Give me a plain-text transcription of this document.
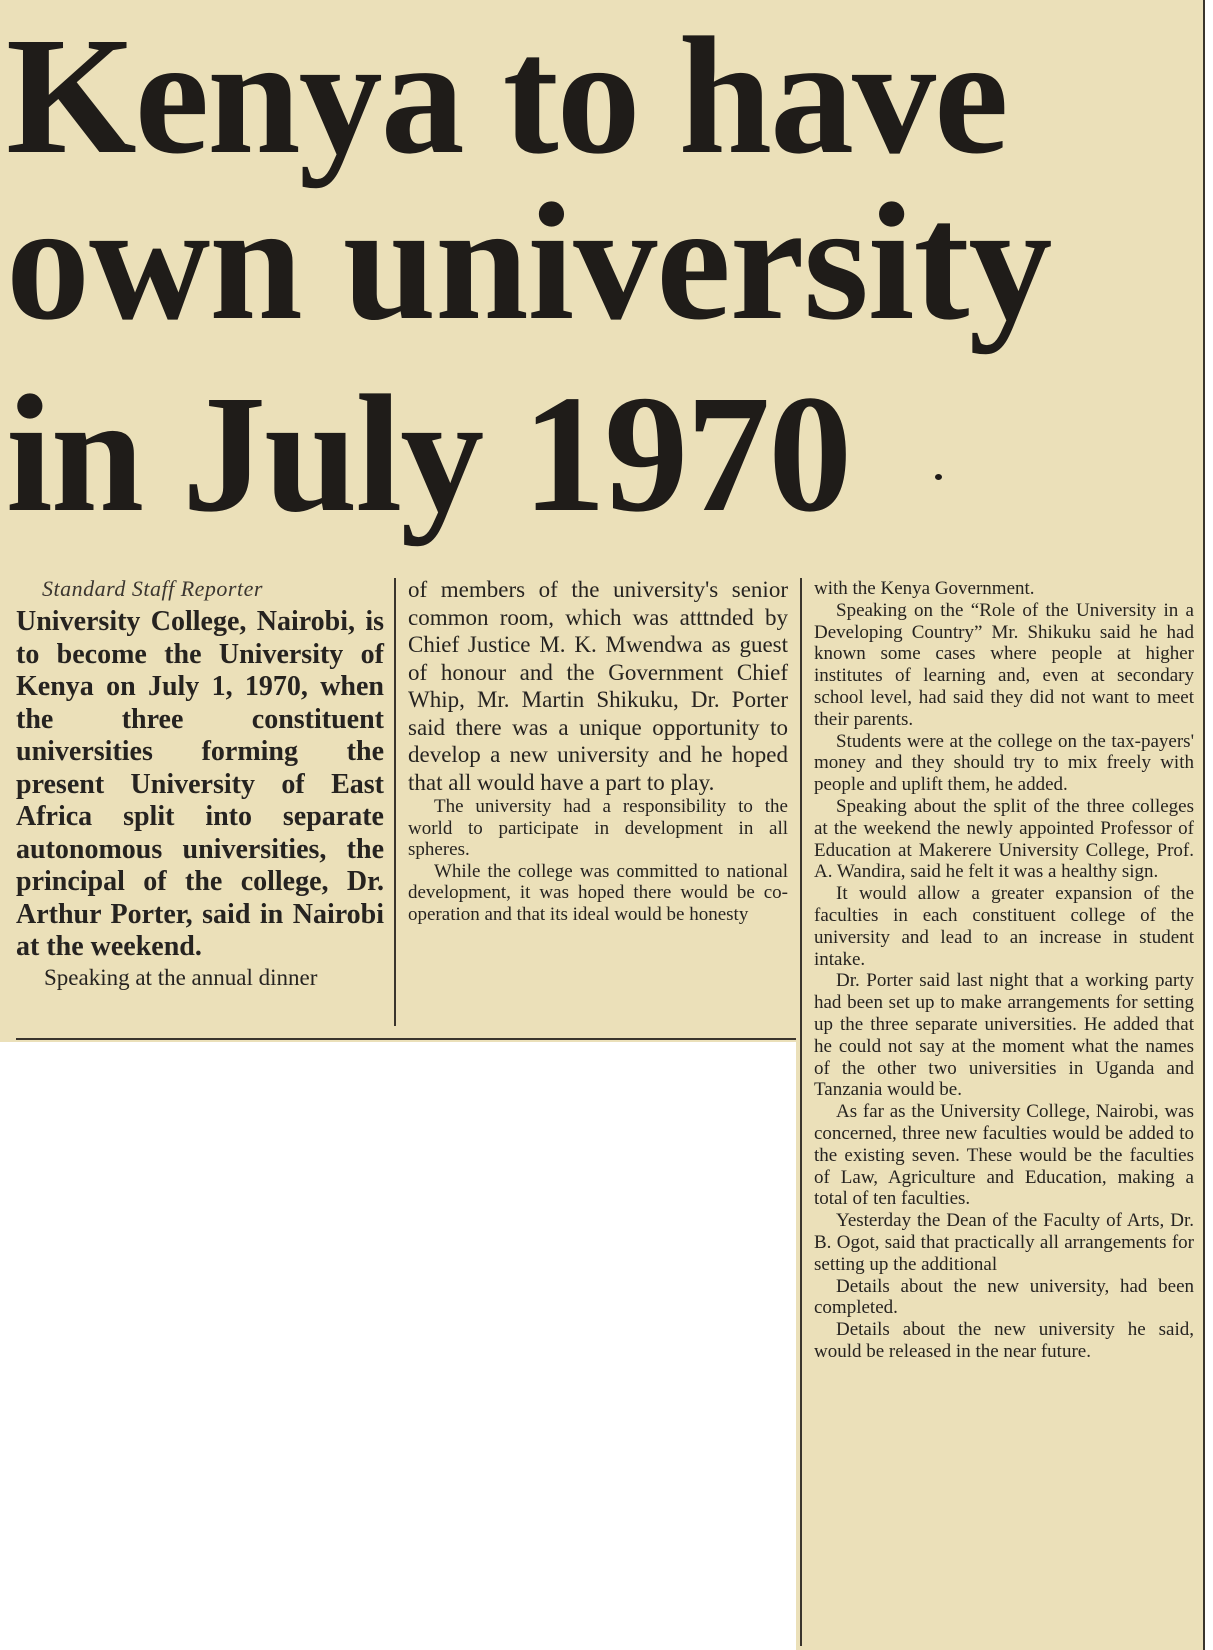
Kenya to have
own university
in July 1970

Standard Staff Reporter

University College, Nairobi, is to become the University of Kenya on July 1, 1970, when the three constituent universities forming the present University of East Africa split into separate autonomous universities, the principal of the college, Dr. Arthur Porter, said in Nairobi at the weekend.

Speaking at the annual dinner

of members of the university's senior common room, which was atttnded by Chief Justice M. K. Mwendwa as guest of honour and the Government Chief Whip, Mr. Martin Shikuku, Dr. Porter said there was a unique opportunity to develop a new university and he hoped that all would have a part to play.

The university had a responsibility to the world to participate in development in all spheres.

While the college was committed to national development, it was hoped there would be co-operation and that its ideal would be honesty

with the Kenya Government.

Speaking on the “Role of the University in a Developing Country” Mr. Shikuku said he had known some cases where people at higher institutes of learning and, even at secondary school level, had said they did not want to meet their parents.

Students were at the college on the tax-payers' money and they should try to mix freely with people and uplift them, he added.

Speaking about the split of the three colleges at the weekend the newly appointed Professor of Education at Makerere University College, Prof. A. Wandira, said he felt it was a healthy sign.

It would allow a greater expansion of the faculties in each constituent college of the university and lead to an increase in student intake.

Dr. Porter said last night that a working party had been set up to make arrangements for setting up the three separate universities. He added that he could not say at the moment what the names of the other two universities in Uganda and Tanzania would be.

As far as the University College, Nairobi, was concerned, three new faculties would be added to the existing seven. These would be the faculties of Law, Agriculture and Education, making a total of ten faculties.

Yesterday the Dean of the Faculty of Arts, Dr. B. Ogot, said that practically all arrangements for setting up the additional

Details about the new university, had been completed.

Details about the new university he said, would be released in the near future.
